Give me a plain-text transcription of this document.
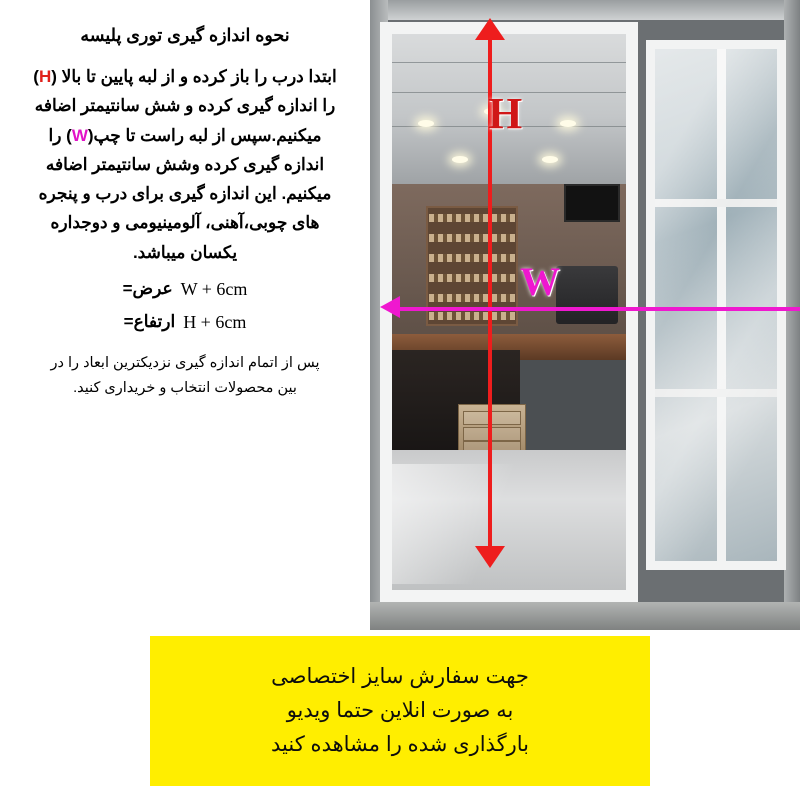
نحوه اندازه گیری توری پلیسه
ابتدا درب را باز کرده و از لبه پایین تا بالا (H) را اندازه گیری کرده و شش سانتیمتر اضافه میکنیم.سپس از لبه راست تا چپ(W) را اندازه گیری کرده وشش سانتیمتر اضافه میکنیم. این اندازه گیری برای درب و پنجره های چوبی،آهنی، آلومینیومی و دوجداره یکسان میباشد.
عرض= W + 6cm
ارتفاع= H + 6cm
پس از اتمام اندازه گیری نزدیکترین ابعاد را در بین محصولات انتخاب و خریداری کنید.
H
W
جهت سفارش سایز اختصاصی
به صورت انلاین حتما ویدیو
بارگذاری شده را مشاهده کنید
